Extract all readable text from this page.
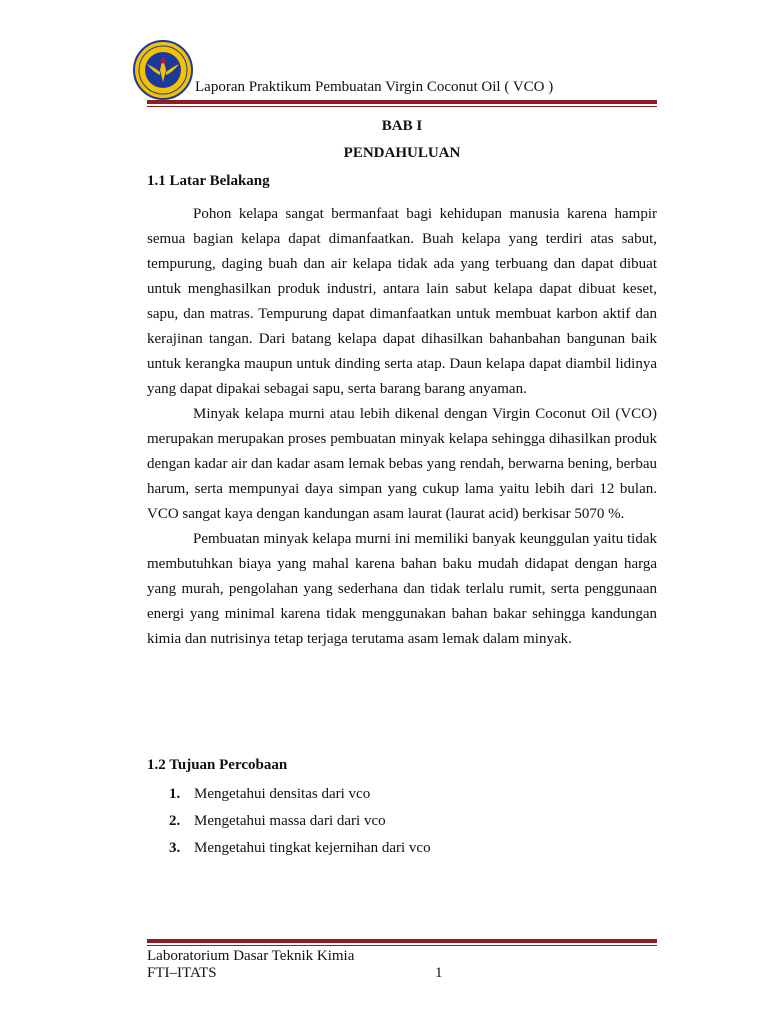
Laporan Praktikum Pembuatan Virgin Coconut Oil ( VCO )
BAB I
PENDAHULUAN
1.1 Latar Belakang

Pohon kelapa sangat bermanfaat bagi kehidupan manusia karena hampir semua bagian kelapa dapat dimanfaatkan. Buah kelapa yang terdiri atas sabut, tempurung, daging buah dan air kelapa tidak ada yang terbuang dan dapat dibuat untuk menghasilkan produk industri, antara lain sabut kelapa dapat dibuat keset, sapu, dan matras. Tempurung dapat dimanfaatkan untuk membuat karbon aktif dan kerajinan tangan. Dari batang kelapa dapat dihasilkan bahanbahan bangunan baik untuk kerangka maupun untuk dinding serta atap. Daun kelapa dapat diambil lidinya yang dapat dipakai sebagai sapu, serta barang barang anyaman.

Minyak kelapa murni atau lebih dikenal dengan Virgin Coconut Oil (VCO) merupakan merupakan proses pembuatan minyak kelapa sehingga dihasilkan produk dengan kadar air dan kadar asam lemak bebas yang rendah, berwarna bening, berbau harum, serta mempunyai daya simpan yang cukup lama yaitu lebih dari 12 bulan. VCO sangat kaya dengan kandungan asam laurat (laurat acid) berkisar 5070 %.

Pembuatan minyak kelapa murni ini memiliki banyak keunggulan yaitu tidak membutuhkan biaya yang mahal karena bahan baku mudah didapat dengan harga yang murah, pengolahan yang sederhana dan tidak terlalu rumit, serta penggunaan energi yang minimal karena tidak menggunakan bahan bakar sehingga kandungan kimia dan nutrisinya tetap terjaga terutama asam lemak dalam minyak.

1.2 Tujuan Percobaan
1. Mengetahui densitas dari vco
2. Mengetahui massa dari dari vco
3. Mengetahui tingkat kejernihan dari vco
Laboratorium Dasar Teknik Kimia
FTI–ITATS	1
